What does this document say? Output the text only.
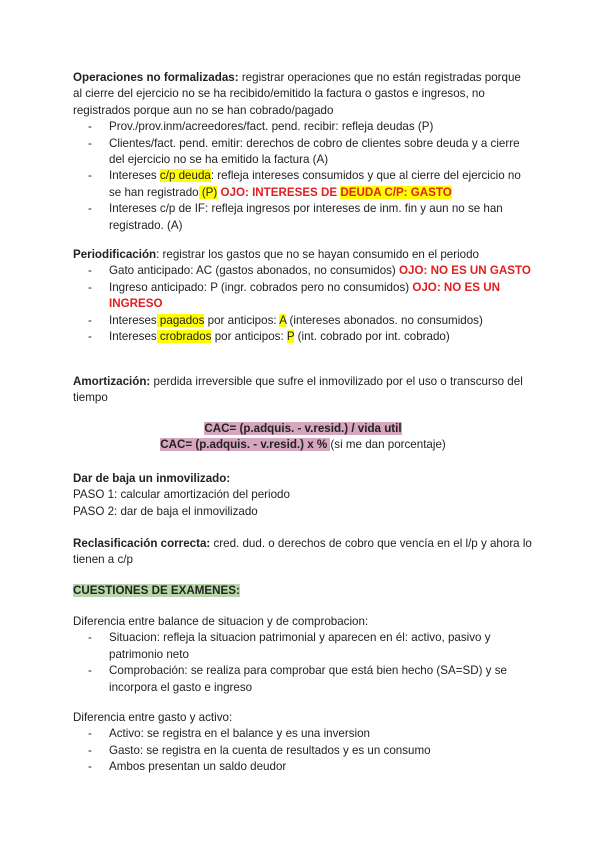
Operaciones no formalizadas: registrar operaciones que no están registradas porque al cierre del ejercicio no se ha recibido/emitido la factura o gastos e ingresos, no registrados porque aun no se han cobrado/pagado

- Prov./prov.inm/acreedores/fact. pend. recibir: refleja deudas (P)
- Clientes/fact. pend. emitir: derechos de cobro de clientes sobre deuda y a cierre del ejercicio no se ha emitido la factura (A)
- Intereses c/p deuda: refleja intereses consumidos y que al cierre del ejercicio no se han registrado (P) OJO: INTERESES DE DEUDA C/P: GASTO
- Intereses c/p de IF: refleja ingresos por intereses de inm. fin y aun no se han registrado. (A)

Periodificación: registrar los gastos que no se hayan consumido en el periodo

- Gato anticipado: AC (gastos abonados, no consumidos) OJO: NO ES UN GASTO
- Ingreso anticipado: P (ingr. cobrados pero no consumidos) OJO: NO ES UN INGRESO
- Intereses pagados por anticipos: A (intereses abonados. no consumidos)
- Intereses crobrados por anticipos: P (int. cobrado por int. cobrado)

Amortización: perdida irreversible que sufre el inmovilizado por el uso o transcurso del tiempo

CAC= (p.adquis. - v.resid.) / vida util

CAC= (p.adquis. - v.resid.) x % (si me dan porcentaje)

Dar de baja un inmovilizado:

PASO 1: calcular amortización del periodo

PASO 2: dar de baja el inmovilizado

Reclasificación correcta: cred. dud. o derechos de cobro que vencía en el l/p y ahora lo tienen a c/p

CUESTIONES DE EXAMENES:

Diferencia entre balance de situacion y de comprobacion:

- Situacion: refleja la situacion patrimonial y aparecen en él: activo, pasivo y patrimonio neto
- Comprobación: se realiza para comprobar que está bien hecho (SA=SD) y se incorpora el gasto e ingreso

Diferencia entre gasto y activo:

- Activo: se registra en el balance y es una inversion
- Gasto: se registra en la cuenta de resultados y es un consumo
- Ambos presentan un saldo deudor
